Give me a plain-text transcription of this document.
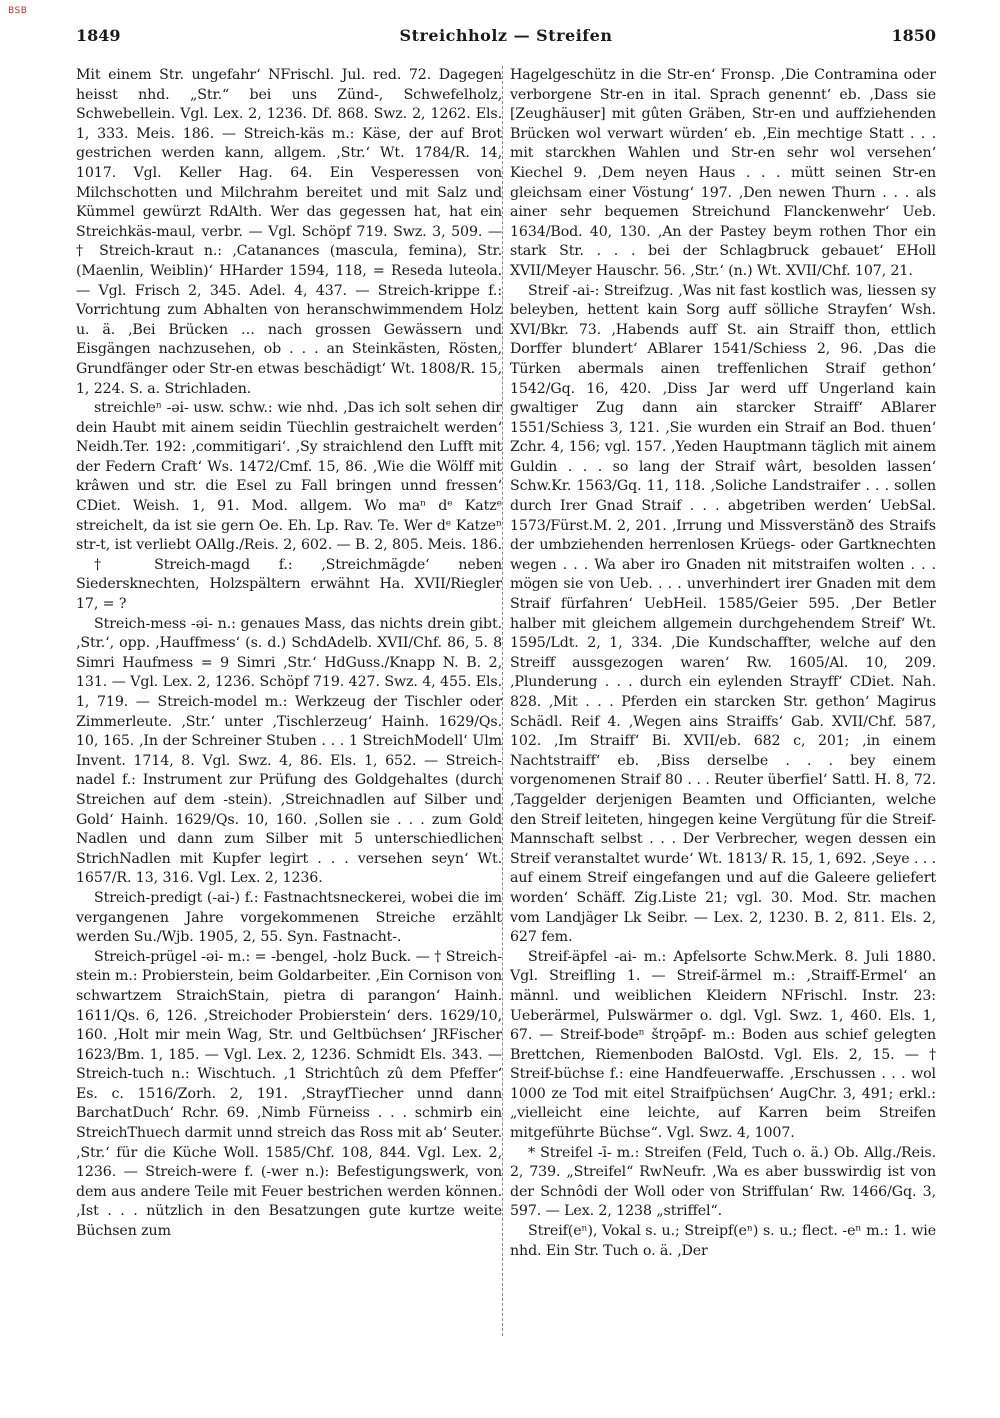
BSB
1849	Streichholz — Streifen	1850

Mit einem Str. ungefahr‘ NFrischl. Jul. red. 72. Dagegen heisst nhd. „Str.“ bei uns Zünd-, Schwefelholz, Schwebellein. Vgl. Lex. 2, 1236. Df. 868. Swz. 2, 1262. Els. 1, 333. Meis. 186. — Streich-käs m.: Käse, der auf Brot gestrichen werden kann, allgem. ‚Str.‘ Wt. 1784/R. 14, 1017. Vgl. Keller Hag. 64. Ein Vesperessen von Milchschotten und Milchrahm bereitet und mit Salz und Kümmel gewürzt RdAlth. Wer das gegessen hat, hat ein Streichkäs-maul, verbr. — Vgl. Schöpf 719. Swz. 3, 509. — † Streich-kraut n.: ‚Catanances (mascula, femina), Str. (Maenlin, Weiblin)‘ HHarder 1594, 118, = Reseda luteola. — Vgl. Frisch 2, 345. Adel. 4, 437. — Streich-krippe f.: Vorrichtung zum Abhalten von heranschwimmendem Holz u. ä. ‚Bei Brücken … nach grossen Gewässern und Eisgängen nachzusehen, ob . . . an Steinkästen, Rösten, Grundfänger oder Str-en etwas beschädigt‘ Wt. 1808/R. 15, 1, 224. S. a. Strichladen.

streichleⁿ -əi- usw. schw.: wie nhd. ‚Das ich solt sehen dir dein Haubt mit ainem seidin Tüechlin gestraichelt werden‘ Neidh.Ter. 192: ‚commitigari‘. ‚Sy straichlend den Lufft mit der Federn Craft‘ Ws. 1472/Cmf. 15, 86. ‚Wie die Wölff mit krâwen und str. die Esel zu Fall bringen unnd fressen‘ CDiet. Weish. 1, 91. Mod. allgem. Wo maⁿ dᵉ Katzᵉ streichelt, da ist sie gern Oe. Eh. Lp. Rav. Te. Wer dᵉ Katzeⁿ str-t, ist verliebt OAllg./Reis. 2, 602. — B. 2, 805. Meis. 186.

† Streich-magd f.: ‚Streichmägde‘ neben Siedersknechten, Holzspältern erwähnt Ha. XVII/Riegler 17, = ?

Streich-mess -əi- n.: genaues Mass, das nichts drein gibt. ‚Str.‘, opp. ‚Hauffmess‘ (s. d.) SchdAdelb. XVII/Chf. 86, 5. 8 Simri Haufmess = 9 Simri ‚Str.‘ HdGuss./Knapp N. B. 2, 131. — Vgl. Lex. 2, 1236. Schöpf 719. 427. Swz. 4, 455. Els. 1, 719. — Streich-model m.: Werkzeug der Tischler oder Zimmerleute. ‚Str.‘ unter ‚Tischlerzeug‘ Hainh. 1629/Qs. 10, 165. ‚In der Schreiner Stuben . . . 1 StreichModell‘ Ulm Invent. 1714, 8. Vgl. Swz. 4, 86. Els. 1, 652. — Streich-nadel f.: Instrument zur Prüfung des Goldgehaltes (durch Streichen auf dem -stein). ‚Streichnadlen auf Silber und Gold‘ Hainh. 1629/Qs. 10, 160. ‚Sollen sie . . . zum Gold Nadlen und dann zum Silber mit 5 unterschiedlichen StrichNadlen mit Kupfer legirt . . . versehen seyn‘ Wt. 1657/R. 13, 316. Vgl. Lex. 2, 1236.

Streich-predigt (-ai-) f.: Fastnachtsneckerei, wobei die im vergangenen Jahre vorgekommenen Streiche erzählt werden Su./Wjb. 1905, 2, 55. Syn. Fastnacht-.

Streich-prügel -əi- m.: = -bengel, -holz Buck. — † Streich-stein m.: Probierstein, beim Goldarbeiter. ‚Ein Cornison von schwartzem StraichStain, pietra di parangon‘ Hainh. 1611/Qs. 6, 126. ‚Streichoder Probierstein‘ ders. 1629/10, 160. ‚Holt mir mein Wag, Str. und Geltbüchsen‘ JRFischer 1623/Bm. 1, 185. — Vgl. Lex. 2, 1236. Schmidt Els. 343. — Streich-tuch n.: Wischtuch. ‚1 Strichtûch zû dem Pfeffer‘ Es. c. 1516/Zorh. 2, 191. ‚StrayfTiecher unnd dann BarchatDuch‘ Rchr. 69. ‚Nimb Fürneiss . . . schmirb ein StreichThuech darmit unnd streich das Ross mit ab‘ Seuter. ‚Str.‘ für die Küche Woll. 1585/Chf. 108, 844. Vgl. Lex. 2, 1236. — Streich-were f. (-wer n.): Befestigungswerk, von dem aus andere Teile mit Feuer bestrichen werden können. ‚Ist . . . nützlich in den Besatzungen gute kurtze weite Büchsen zum

Hagelgeschütz in die Str-en‘ Fronsp. ‚Die Contramina oder verborgene Str-en in ital. Sprach genennt‘ eb. ‚Dass sie [Zeughäuser] mit gûten Gräben, Str-en und auffziehenden Brücken wol verwart würden‘ eb. ‚Ein mechtige Statt . . . mit starckhen Wahlen und Str-en sehr wol versehen‘ Kiechel 9. ‚Dem neyen Haus . . . mütt seinen Str-en gleichsam einer Vöstung‘ 197. ‚Den newen Thurn . . . als ainer sehr bequemen Streichund Flanckenwehr‘ Ueb. 1634/Bod. 40, 130. ‚An der Pastey beym rothen Thor ein stark Str. . . . bei der Schlagbruck gebauet‘ EHoll XVII/Meyer Hauschr. 56. ‚Str.‘ (n.) Wt. XVII/Chf. 107, 21.

Streif -ai-: Streifzug. ‚Was nit fast kostlich was, liessen sy beleyben, hettent kain Sorg auff sölliche Strayfen‘ Wsh. XVI/Bkr. 73. ‚Habends auff St. ain Straiff thon, ettlich Dorffer blundert‘ ABlarer 1541/Schiess 2, 96. ‚Das die Türken abermals ainen treffenlichen Straif gethon‘ 1542/Gq. 16, 420. ‚Diss Jar werd uff Ungerland kain gwaltiger Zug dann ain starcker Straiff‘ ABlarer 1551/Schiess 3, 121. ‚Sie wurden ein Straif an Bod. thuen‘ Zchr. 4, 156; vgl. 157. ‚Yeden Hauptmann täglich mit ainem Guldin . . . so lang der Straif wârt, besolden lassen‘ Schw.Kr. 1563/Gq. 11, 118. ‚Soliche Landstraifer . . . sollen durch Irer Gnad Straif . . . abgetriben werden‘ UebSal. 1573/Fürst.M. 2, 201. ‚Irrung und Missverstänð des Straifs der umbziehenden herrenlosen Krüegs- oder Gartknechten wegen . . . Wa aber iro Gnaden nit mitstraifen wolten . . . mögen sie von Ueb. . . . unverhindert irer Gnaden mit dem Straif fürfahren‘ UebHeil. 1585/Geier 595. ‚Der Betler halber mit gleichem allgemein durchgehendem Streif‘ Wt. 1595/Ldt. 2, 1, 334. ‚Die Kundschaffter, welche auf den Streiff aussgezogen waren‘ Rw. 1605/Al. 10, 209. ‚Plunderung . . . durch ein eylenden Strayff‘ CDiet. Nah. 828. ‚Mit . . . Pferden ein starcken Str. gethon‘ Magirus Schädl. Reif 4. ‚Wegen ains Straiffs‘ Gab. XVII/Chf. 587, 102. ‚Im Straiff‘ Bi. XVII/eb. 682 c, 201; ‚in einem Nachtstraiff‘ eb. ‚Biss derselbe . . . bey einem vorgenomenen Straif 80 . . . Reuter überfiel‘ Sattl. H. 8, 72. ‚Taggelder derjenigen Beamten und Officianten, welche den Streif leiteten, hingegen keine Vergütung für die Streif-Mannschaft selbst . . . Der Verbrecher, wegen dessen ein Streif veranstaltet wurde‘ Wt. 1813/ R. 15, 1, 692. ‚Seye . . . auf einem Streif eingefangen und auf die Galeere geliefert worden‘ Schäff. Zig.Liste 21; vgl. 30. Mod. Str. machen vom Landjäger Lk Seibr. — Lex. 2, 1230. B. 2, 811. Els. 2, 627 fem.

Streif-äpfel -ai- m.: Apfelsorte Schw.Merk. 8. Juli 1880. Vgl. Streifling 1. — Streif-ärmel m.: ‚Straiff-Ermel‘ an männl. und weiblichen Kleidern NFrischl. Instr. 23: Ueberärmel, Pulswärmer o. dgl. Vgl. Swz. 1, 460. Els. 1, 67. — Streif-bodeⁿ štrǫə̄pf- m.: Boden aus schief gelegten Brettchen, Riemenboden BalOstd. Vgl. Els. 2, 15. — † Streif-büchse f.: eine Handfeuerwaffe. ‚Erschussen . . . wol 1000 ze Tod mit eitel Straifpüchsen‘ AugChr. 3, 491; erkl.: „vielleicht eine leichte, auf Karren beim Streifen mitgeführte Büchse“. Vgl. Swz. 4, 1007.

* Streifel -ī- m.: Streifen (Feld, Tuch o. ä.) Ob. Allg./Reis. 2, 739. „Streifel“ RwNeufr. ‚Wa es aber busswirdig ist von der Schnôdi der Woll oder von Striffulan‘ Rw. 1466/Gq. 3, 597. — Lex. 2, 1238 „striffel“.

Streif(eⁿ), Vokal s. u.; Streipf(eⁿ) s. u.; flect. -eⁿ m.: 1. wie nhd. Ein Str. Tuch o. ä. ‚Der
